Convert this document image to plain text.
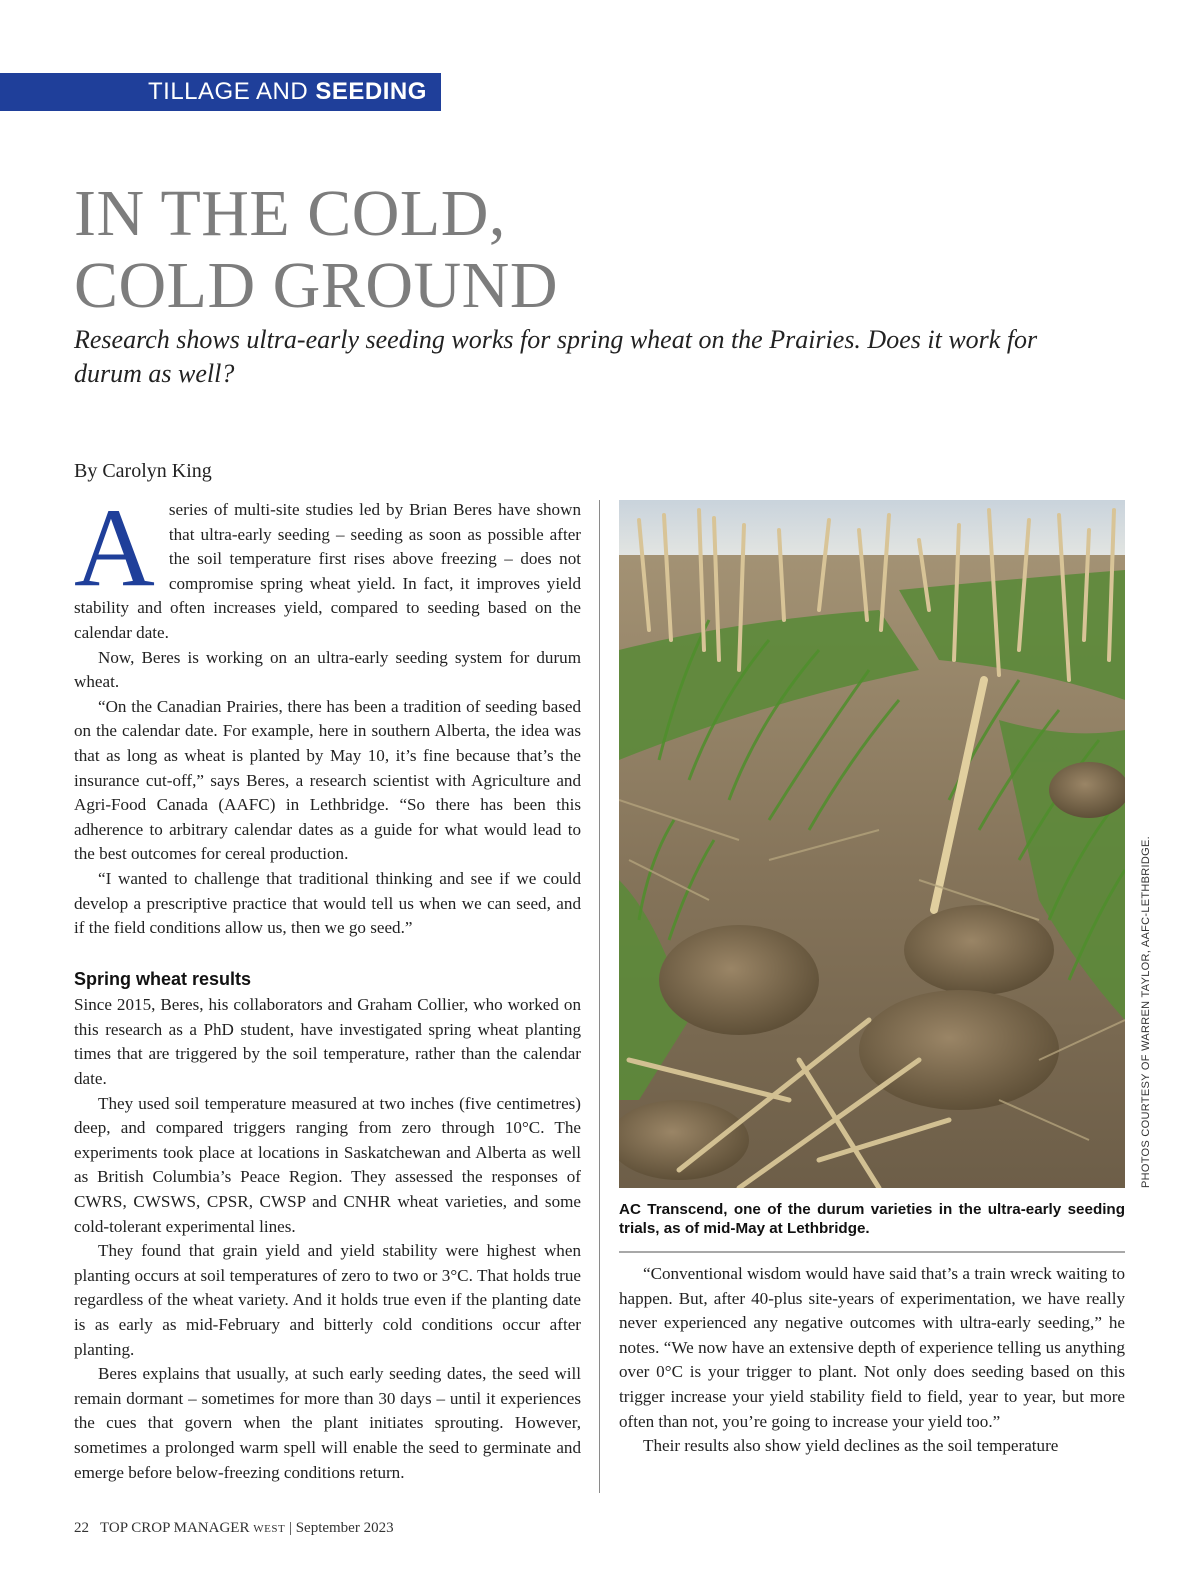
TILLAGE AND SEEDING
IN THE COLD,
COLD GROUND

Research shows ultra-early seeding works for spring wheat on the Prairies. Does it work for durum as well?

By Carolyn King

Aseries of multi-site studies led by Brian Beres have shown that ultra-early seeding – seeding as soon as possible after the soil temperature first rises above freezing – does not compromise spring wheat yield. In fact, it improves yield stability and often increases yield, compared to seeding based on the calendar date.

Now, Beres is working on an ultra-early seeding system for durum wheat.

“On the Canadian Prairies, there has been a tradition of seeding based on the calendar date. For example, here in southern Alberta, the idea was that as long as wheat is planted by May 10, it’s fine because that’s the insurance cut-off,” says Beres, a research scientist with Agriculture and Agri-Food Canada (AAFC) in Lethbridge. “So there has been this adherence to arbitrary calendar dates as a guide for what would lead to the best outcomes for cereal production.

“I wanted to challenge that traditional thinking and see if we could develop a prescriptive practice that would tell us when we can seed, and if the field conditions allow us, then we go seed.”

Spring wheat results

Since 2015, Beres, his collaborators and Graham Collier, who worked on this research as a PhD student, have investigated spring wheat planting times that are triggered by the soil temperature, rather than the calendar date.

They used soil temperature measured at two inches (five centimetres) deep, and compared triggers ranging from zero through 10°C. The experiments took place at locations in Saskatchewan and Alberta as well as British Columbia’s Peace Region. They assessed the responses of CWRS, CWSWS, CPSR, CWSP and CNHR wheat varieties, and some cold-tolerant experimental lines.

They found that grain yield and yield stability were highest when planting occurs at soil temperatures of zero to two or 3°C. That holds true regardless of the wheat variety. And it holds true even if the planting date is as early as mid-February and bitterly cold conditions occur after planting.

Beres explains that usually, at such early seeding dates, the seed will remain dormant – sometimes for more than 30 days – until it experiences the cues that govern when the plant initiates sprouting. However, sometimes a prolonged warm spell will enable the seed to germinate and emerge before below-freezing conditions return.

PHOTOS COURTESY OF WARREN TAYLOR, AAFC-LETHBRIDGE.
AC Transcend, one of the durum varieties in the ultra-early seeding trials, as of mid-May at Lethbridge.

“Conventional wisdom would have said that’s a train wreck waiting to happen. But, after 40-plus site-years of experimentation, we have really never experienced any negative outcomes with ultra-early seeding,” he notes. “We now have an extensive depth of experience telling us anything over 0°C is your trigger to plant. Not only does seeding based on this trigger increase your yield stability field to field, year to year, but more often than not, you’re going to increase your yield too.”

Their results also show yield declines as the soil temperature

22 TOP CROP MANAGER WEST | September 2023
